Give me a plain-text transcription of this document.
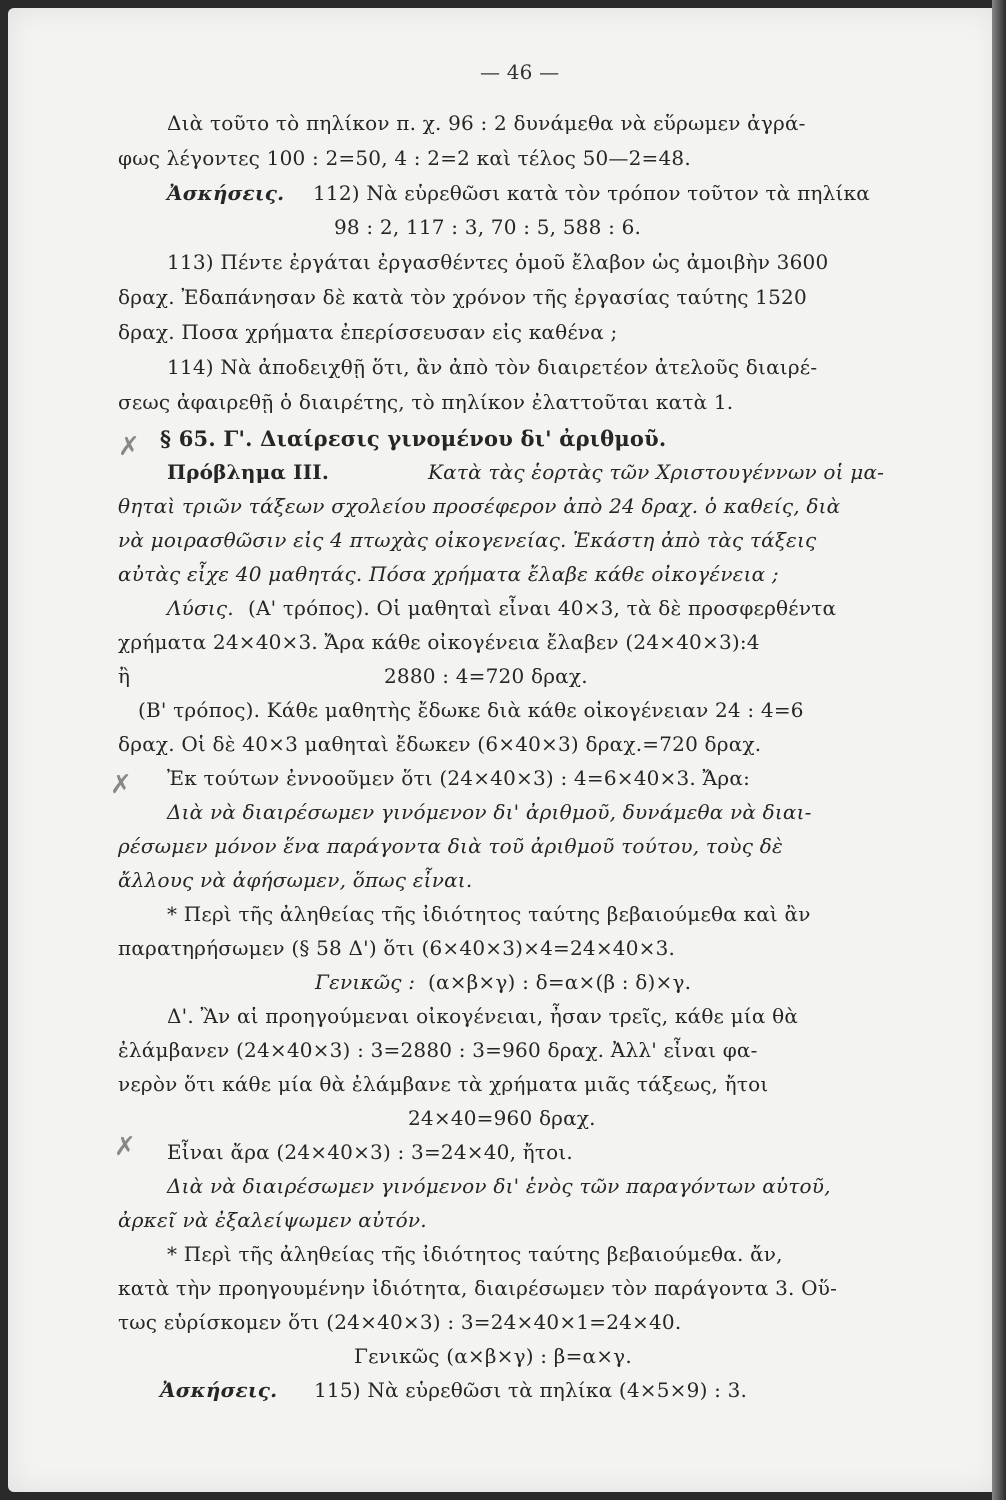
— 46 —
Διὰ τοῦτο τὸ πηλίκον π. χ. 96 : 2 δυνάμεθα νὰ εὕρωμεν ἀγρά-
φως λέγοντες 100 : 2=50, 4 : 2=2 καὶ τέλος 50—2=48.
Ἀσκήσεις. 112) Νὰ εὑρεθῶσι κατὰ τὸν τρόπον τοῦτον τὰ πηλίκα
98 : 2, 117 : 3, 70 : 5, 588 : 6.
113) Πέντε ἐργάται ἐργασθέντες ὁμοῦ ἔλαβον ὡς ἀμοιβὴν 3600
δραχ. Ἐδαπάνησαν δὲ κατὰ τὸν χρόνον τῆς ἐργασίας ταύτης 1520
δραχ. Ποσα χρήματα ἐπερίσσευσαν εἰς καθένα ;
114) Νὰ ἀποδειχθῇ ὅτι, ἂν ἀπὸ τὸν διαιρετέον ἀτελοῦς διαιρέ-
σεως ἀφαιρεθῇ ὁ διαιρέτης, τὸ πηλίκον ἐλαττοῦται κατὰ 1.
§ 65. Γ'. Διαίρεσις γινομένου δι' ἀριθμοῦ.
Πρόβλημα ΙΙΙ.	Κατὰ τὰς ἑορτὰς τῶν Χριστουγέννων οἱ μα-
θηταὶ τριῶν τάξεων σχολείου προσέφερον ἀπὸ 24 δραχ. ὁ καθείς, διὰ
νὰ μοιρασθῶσιν εἰς 4 πτωχὰς οἰκογενείας. Ἑκάστη ἀπὸ τὰς τάξεις
αὐτὰς εἶχε 40 μαθητάς. Πόσα χρήματα ἔλαβε κάθε οἰκογένεια ;
Λύσις. (Α' τρόπος). Οἱ μαθηταὶ εἶναι 40×3, τὰ δὲ προσφερθέντα
χρήματα 24×40×3. Ἄρα κάθε οἰκογένεια ἔλαβεν (24×40×3):4
ἢ	2880 : 4=720 δραχ.
(Β' τρόπος). Κάθε μαθητὴς ἔδωκε διὰ κάθε οἰκογένειαν 24 : 4=6
δραχ. Οἱ δὲ 40×3 μαθηταὶ ἔδωκεν (6×40×3) δραχ.=720 δραχ.
Ἐκ τούτων ἐννοοῦμεν ὅτι (24×40×3) : 4=6×40×3. Ἄρα:
Διὰ νὰ διαιρέσωμεν γινόμενον δι' ἀριθμοῦ, δυνάμεθα νὰ διαι-
ρέσωμεν μόνον ἕνα παράγοντα διὰ τοῦ ἀριθμοῦ τούτου, τοὺς δὲ
ἄλλους νὰ ἀφήσωμεν, ὅπως εἶναι.
* Περὶ τῆς ἀληθείας τῆς ἰδιότητος ταύτης βεβαιούμεθα καὶ ἂν
παρατηρήσωμεν (§ 58 Δ') ὅτι (6×40×3)×4=24×40×3.
Γενικῶς : (α×β×γ) : δ=α×(β : δ)×γ.
Δ'. Ἂν αἱ προηγούμεναι οἰκογένειαι, ἦσαν τρεῖς, κάθε μία θὰ
ἐλάμβανεν (24×40×3) : 3=2880 : 3=960 δραχ. Ἀλλ' εἶναι φα-
νερὸν ὅτι κάθε μία θὰ ἐλάμβανε τὰ χρήματα μιᾶς τάξεως, ἤτοι
24×40=960 δραχ.
Εἶναι ἄρα (24×40×3) : 3=24×40, ἤτοι.
Διὰ νὰ διαιρέσωμεν γινόμενον δι' ἑνὸς τῶν παραγόντων αὐτοῦ,
ἀρκεῖ νὰ ἐξαλείψωμεν αὐτόν.
* Περὶ τῆς ἀληθείας τῆς ἰδιότητος ταύτης βεβαιούμεθα. ἄν,
κατὰ τὴν προηγουμένην ἰδιότητα, διαιρέσωμεν τὸν παράγοντα 3. Οὕ-
τως εὑρίσκομεν ὅτι (24×40×3) : 3=24×40×1=24×40.
Γενικῶς (α×β×γ) : β=α×γ.
Ἀσκήσεις. 115) Νὰ εὑρεθῶσι τὰ πηλίκα (4×5×9) : 3.
✗
✗
✗
